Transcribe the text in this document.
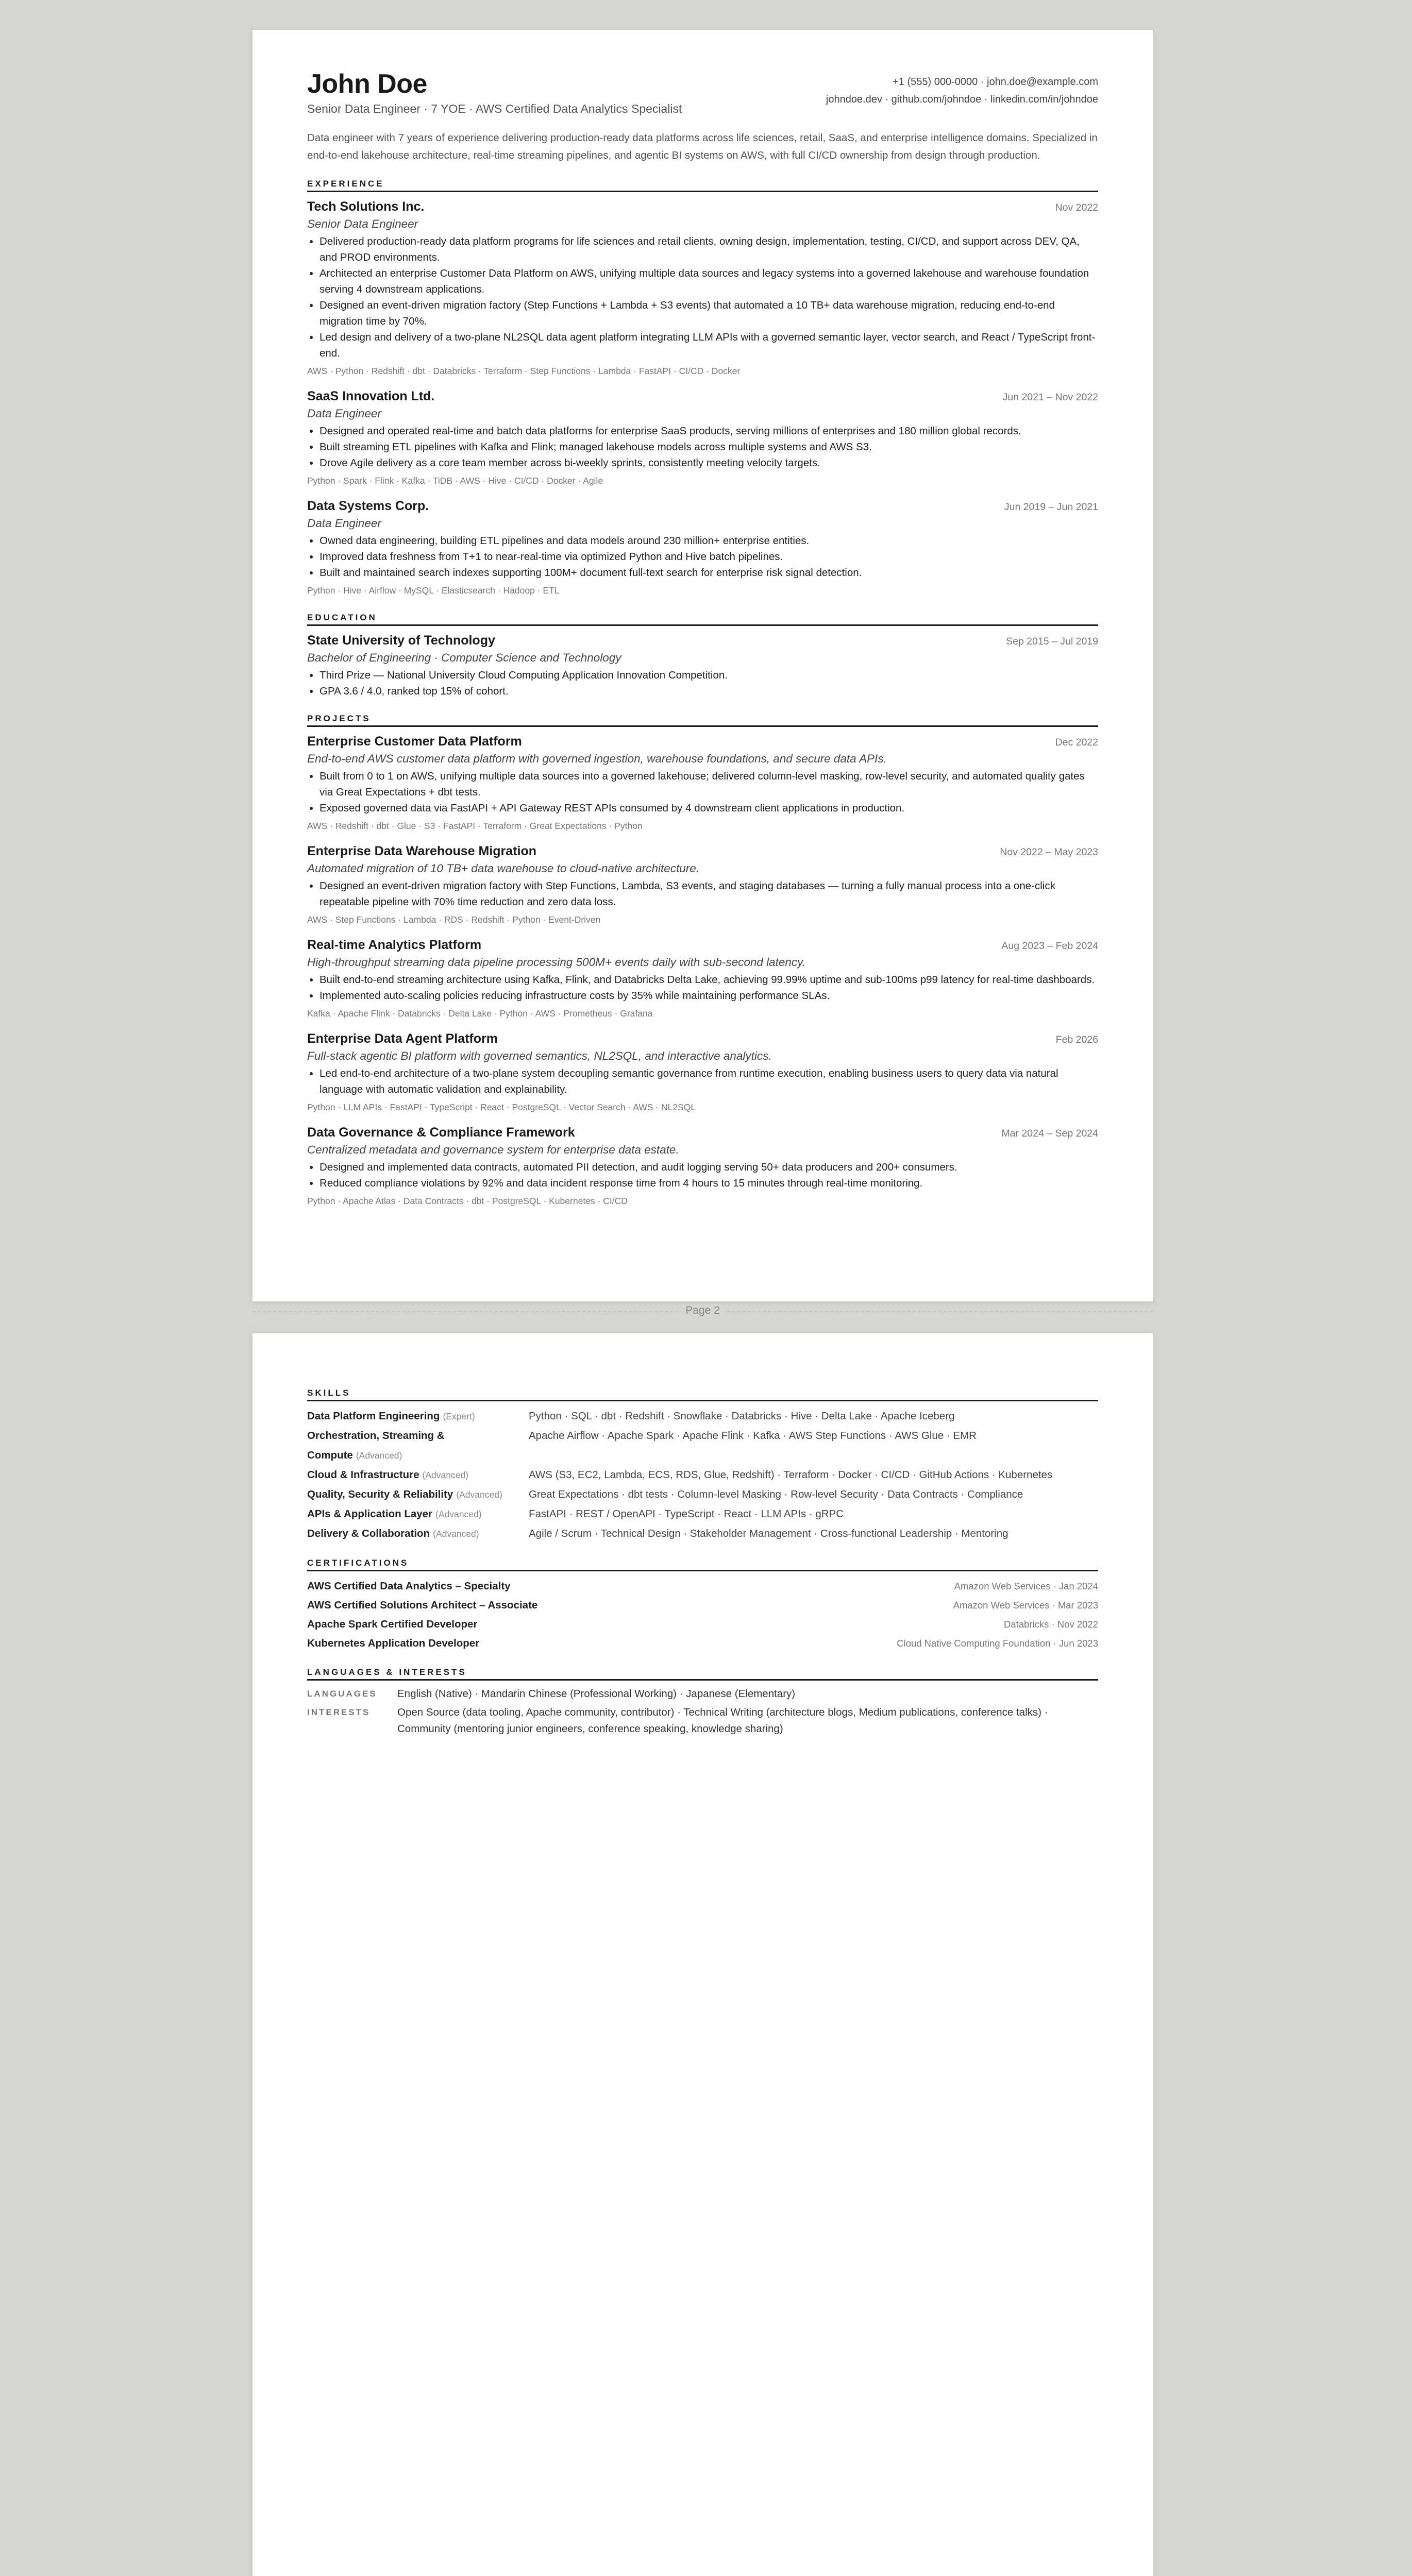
John Doe
Senior Data Engineer · 7 YOE · AWS Certified Data Analytics Specialist
+1 (555) 000-0000 · john.doe@example.com
johndoe.dev · github.com/johndoe · linkedin.com/in/johndoe
Data engineer with 7 years of experience delivering production-ready data platforms across life sciences, retail, SaaS, and enterprise intelligence domains. Specialized in end-to-end lakehouse architecture, real-time streaming pipelines, and agentic BI systems on AWS, with full CI/CD ownership from design through production.
EXPERIENCE
Tech Solutions Inc.	Nov 2022
Senior Data Engineer
• Delivered production-ready data platform programs for life sciences and retail clients, owning design, implementation, testing, CI/CD, and support across DEV, QA, and PROD environments.
• Architected an enterprise Customer Data Platform on AWS, unifying multiple data sources and legacy systems into a governed lakehouse and warehouse foundation serving 4 downstream applications.
• Designed an event-driven migration factory (Step Functions + Lambda + S3 events) that automated a 10 TB+ data warehouse migration, reducing end-to-end migration time by 70%.
• Led design and delivery of a two-plane NL2SQL data agent platform integrating LLM APIs with a governed semantic layer, vector search, and React / TypeScript front-end.
AWS · Python · Redshift · dbt · Databricks · Terraform · Step Functions · Lambda · FastAPI · CI/CD · Docker
SaaS Innovation Ltd.	Jun 2021 – Nov 2022
Data Engineer
• Designed and operated real-time and batch data platforms for enterprise SaaS products, serving millions of enterprises and 180 million global records.
• Built streaming ETL pipelines with Kafka and Flink; managed lakehouse models across multiple systems and AWS S3.
• Drove Agile delivery as a core team member across bi-weekly sprints, consistently meeting velocity targets.
Python · Spark · Flink · Kafka · TiDB · AWS · Hive · CI/CD · Docker · Agile
Data Systems Corp.	Jun 2019 – Jun 2021
Data Engineer
• Owned data engineering, building ETL pipelines and data models around 230 million+ enterprise entities.
• Improved data freshness from T+1 to near-real-time via optimized Python and Hive batch pipelines.
• Built and maintained search indexes supporting 100M+ document full-text search for enterprise risk signal detection.
Python · Hive · Airflow · MySQL · Elasticsearch · Hadoop · ETL
EDUCATION
State University of Technology	Sep 2015 – Jul 2019
Bachelor of Engineering · Computer Science and Technology
• Third Prize — National University Cloud Computing Application Innovation Competition.
• GPA 3.6 / 4.0, ranked top 15% of cohort.
PROJECTS
Enterprise Customer Data Platform	Dec 2022
End-to-end AWS customer data platform with governed ingestion, warehouse foundations, and secure data APIs.
• Built from 0 to 1 on AWS, unifying multiple data sources into a governed lakehouse; delivered column-level masking, row-level security, and automated quality gates via Great Expectations + dbt tests.
• Exposed governed data via FastAPI + API Gateway REST APIs consumed by 4 downstream client applications in production.
AWS · Redshift · dbt · Glue · S3 · FastAPI · Terraform · Great Expectations · Python
Enterprise Data Warehouse Migration	Nov 2022 – May 2023
Automated migration of 10 TB+ data warehouse to cloud-native architecture.
• Designed an event-driven migration factory with Step Functions, Lambda, S3 events, and staging databases — turning a fully manual process into a one-click repeatable pipeline with 70% time reduction and zero data loss.
AWS · Step Functions · Lambda · RDS · Redshift · Python · Event-Driven
Real-time Analytics Platform	Aug 2023 – Feb 2024
High-throughput streaming data pipeline processing 500M+ events daily with sub-second latency.
• Built end-to-end streaming architecture using Kafka, Flink, and Databricks Delta Lake, achieving 99.99% uptime and sub-100ms p99 latency for real-time dashboards.
• Implemented auto-scaling policies reducing infrastructure costs by 35% while maintaining performance SLAs.
Kafka · Apache Flink · Databricks · Delta Lake · Python · AWS · Prometheus · Grafana
Enterprise Data Agent Platform	Feb 2026
Full-stack agentic BI platform with governed semantics, NL2SQL, and interactive analytics.
• Led end-to-end architecture of a two-plane system decoupling semantic governance from runtime execution, enabling business users to query data via natural language with automatic validation and explainability.
Python · LLM APIs · FastAPI · TypeScript · React · PostgreSQL · Vector Search · AWS · NL2SQL
Data Governance & Compliance Framework	Mar 2024 – Sep 2024
Centralized metadata and governance system for enterprise data estate.
• Designed and implemented data contracts, automated PII detection, and audit logging serving 50+ data producers and 200+ consumers.
• Reduced compliance violations by 92% and data incident response time from 4 hours to 15 minutes through real-time monitoring.
Python · Apache Atlas · Data Contracts · dbt · PostgreSQL · Kubernetes · CI/CD
Page 2
SKILLS
Data Platform Engineering (Expert)	Python · SQL · dbt · Redshift · Snowflake · Databricks · Hive · Delta Lake · Apache Iceberg
Orchestration, Streaming & Compute (Advanced)
Apache Airflow · Apache Spark · Apache Flink · Kafka · AWS Step Functions · AWS Glue · EMR
Cloud & Infrastructure (Advanced)	AWS (S3, EC2, Lambda, ECS, RDS, Glue, Redshift) · Terraform · Docker · CI/CD · GitHub Actions · Kubernetes
Quality, Security & Reliability (Advanced)	Great Expectations · dbt tests · Column-level Masking · Row-level Security · Data Contracts · Compliance
APIs & Application Layer (Advanced)	FastAPI · REST / OpenAPI · TypeScript · React · LLM APIs · gRPC
Delivery & Collaboration (Advanced)	Agile / Scrum · Technical Design · Stakeholder Management · Cross-functional Leadership · Mentoring
CERTIFICATIONS
AWS Certified Data Analytics – Specialty	Amazon Web Services · Jan 2024
AWS Certified Solutions Architect – Associate	Amazon Web Services · Mar 2023
Apache Spark Certified Developer	Databricks · Nov 2022
Kubernetes Application Developer	Cloud Native Computing Foundation · Jun 2023
LANGUAGES & INTERESTS
LANGUAGES	English (Native) · Mandarin Chinese (Professional Working) · Japanese (Elementary)
INTERESTS	Open Source (data tooling, Apache community, contributor) · Technical Writing (architecture blogs, Medium publications, conference talks) · Community (mentoring junior engineers, conference speaking, knowledge sharing)
